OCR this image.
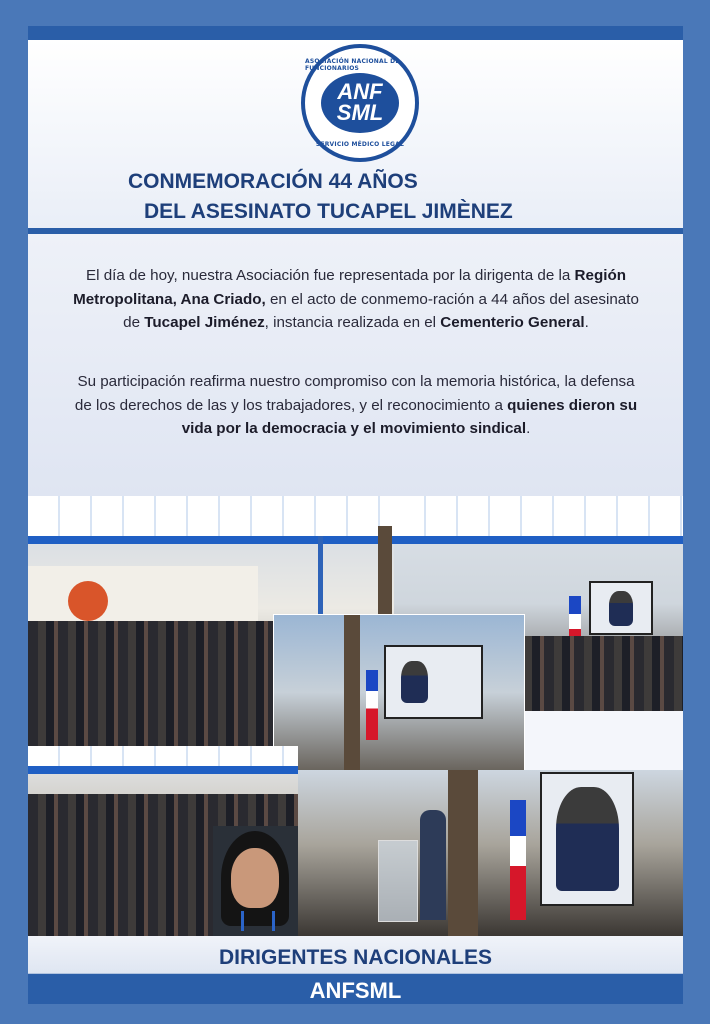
ASOCIACIÓN NACIONAL DE FUNCIONARIOS
ANF
SML
SERVICIO MÉDICO LEGAL
CONMEMORACIÓN 44 AÑOS
DEL ASESINATO TUCAPEL JIMÈNEZ
El día de hoy, nuestra Asociación fue representada por la dirigenta de la Región Metropolitana, Ana Criado, en el acto de conmemo-ración a 44 años del asesinato de Tucapel Jiménez, instancia realizada en el Cementerio General.
Su participación reafirma nuestro compromiso con la memoria histórica, la defensa de los derechos de las y los trabajadores, y el reconocimiento a quienes dieron su vida por la democracia y el movimiento sindical.
DIRIGENTES NACIONALES
ANFSML
